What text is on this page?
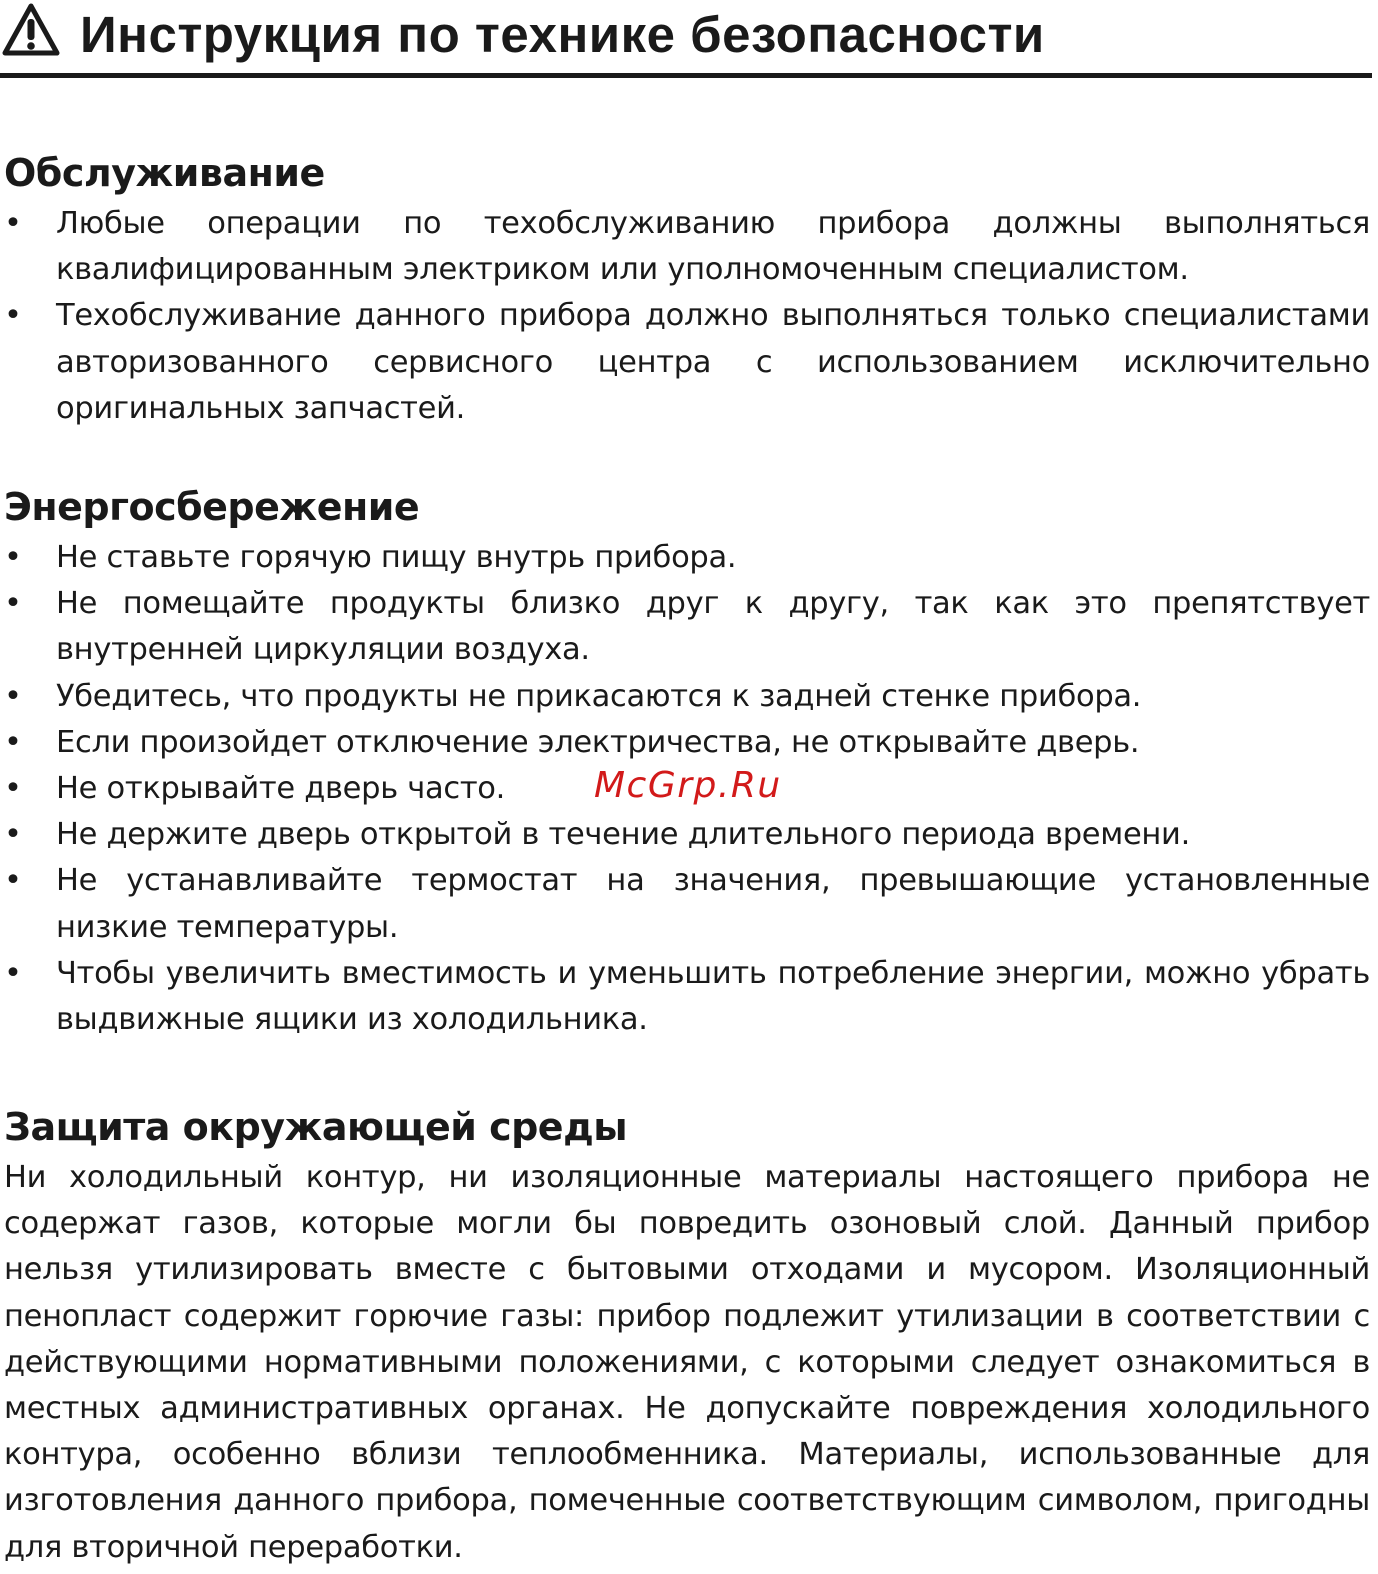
Инструкция по технике безопасности
Обслуживание
• Любые операции по техобслуживанию прибора должны выполняться квалифицированным электриком или уполномоченным специалистом.
• Техобслуживание данного прибора должно выполняться только специалистами авторизованного сервисного центра с использованием исключительно оригинальных запчастей.
Энергосбережение
• Не ставьте горячую пищу внутрь прибора.
• Не помещайте продукты близко друг к другу, так как это препятствует внутренней циркуляции воздуха.
• Убедитесь, что продукты не прикасаются к задней стенке прибора.
• Если произойдет отключение электричества, не открывайте дверь.
• Не открывайте дверь часто.
• Не держите дверь открытой в течение длительного периода времени.
• Не устанавливайте термостат на значения, превышающие установленные низкие температуры.
• Чтобы увеличить вместимость и уменьшить потребление энергии, можно убрать выдвижные ящики из холодильника.
McGrp.Ru
Защита окружающей среды

Ни холодильный контур, ни изоляционные материалы настоящего прибора не содержат газов, которые могли бы повредить озоновый слой. Данный прибор нельзя утилизировать вместе с бытовыми отходами и мусором. Изоляционный пенопласт содержит горючие газы: прибор подлежит утилизации в соответствии с действующими нормативными положениями, с которыми следует ознакомиться в местных административных органах. Не допускайте повреждения холодильного контура, особенно вблизи теплообменника. Материалы, использованные для изготовления данного прибора, помеченные соответствующим символом, пригодны для вторичной переработки.
